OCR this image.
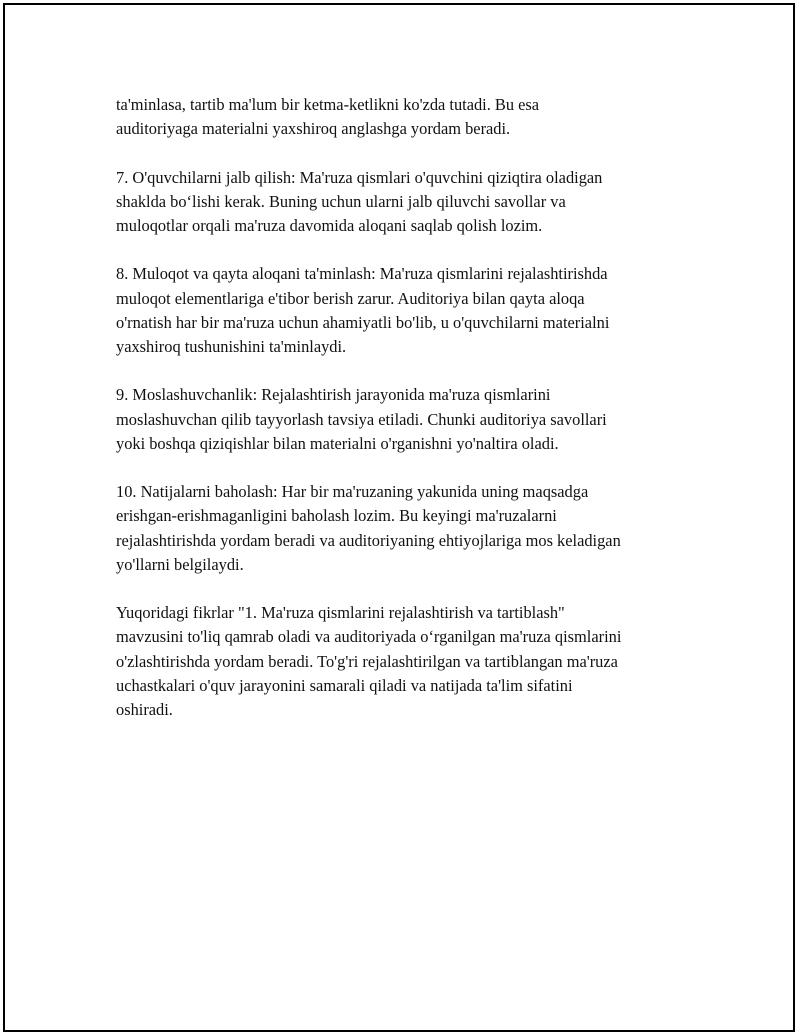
ta'minlasa, tartib ma'lum bir ketma-ketlikni ko'zda tutadi. Bu esa
auditoriyaga materialni yaxshiroq anglashga yordam beradi.

7. O'quvchilarni jalb qilish: Ma'ruza qismlari o'quvchini qiziqtira oladigan
shaklda bo‘lishi kerak. Buning uchun ularni jalb qiluvchi savollar va
muloqotlar orqali ma'ruza davomida aloqani saqlab qolish lozim.

8. Muloqot va qayta aloqani ta'minlash: Ma'ruza qismlarini rejalashtirishda
muloqot elementlariga e'tibor berish zarur. Auditoriya bilan qayta aloqa
o'rnatish har bir ma'ruza uchun ahamiyatli bo'lib, u o'quvchilarni materialni
yaxshiroq tushunishini ta'minlaydi.

9. Moslashuvchanlik: Rejalashtirish jarayonida ma'ruza qismlarini
moslashuvchan qilib tayyorlash tavsiya etiladi. Chunki auditoriya savollari
yoki boshqa qiziqishlar bilan materialni o'rganishni yo'naltira oladi.

10. Natijalarni baholash: Har bir ma'ruzaning yakunida uning maqsadga
erishgan-erishmaganligini baholash lozim. Bu keyingi ma'ruzalarni
rejalashtirishda yordam beradi va auditoriyaning ehtiyojlariga mos keladigan
yo'llarni belgilaydi.

Yuqoridagi fikrlar "1. Ma'ruza qismlarini rejalashtirish va tartiblash"
mavzusini to'liq qamrab oladi va auditoriyada o‘rganilgan ma'ruza qismlarini
o'zlashtirishda yordam beradi. To'g'ri rejalashtirilgan va tartiblangan ma'ruza
uchastkalari o'quv jarayonini samarali qiladi va natijada ta'lim sifatini
oshiradi.
